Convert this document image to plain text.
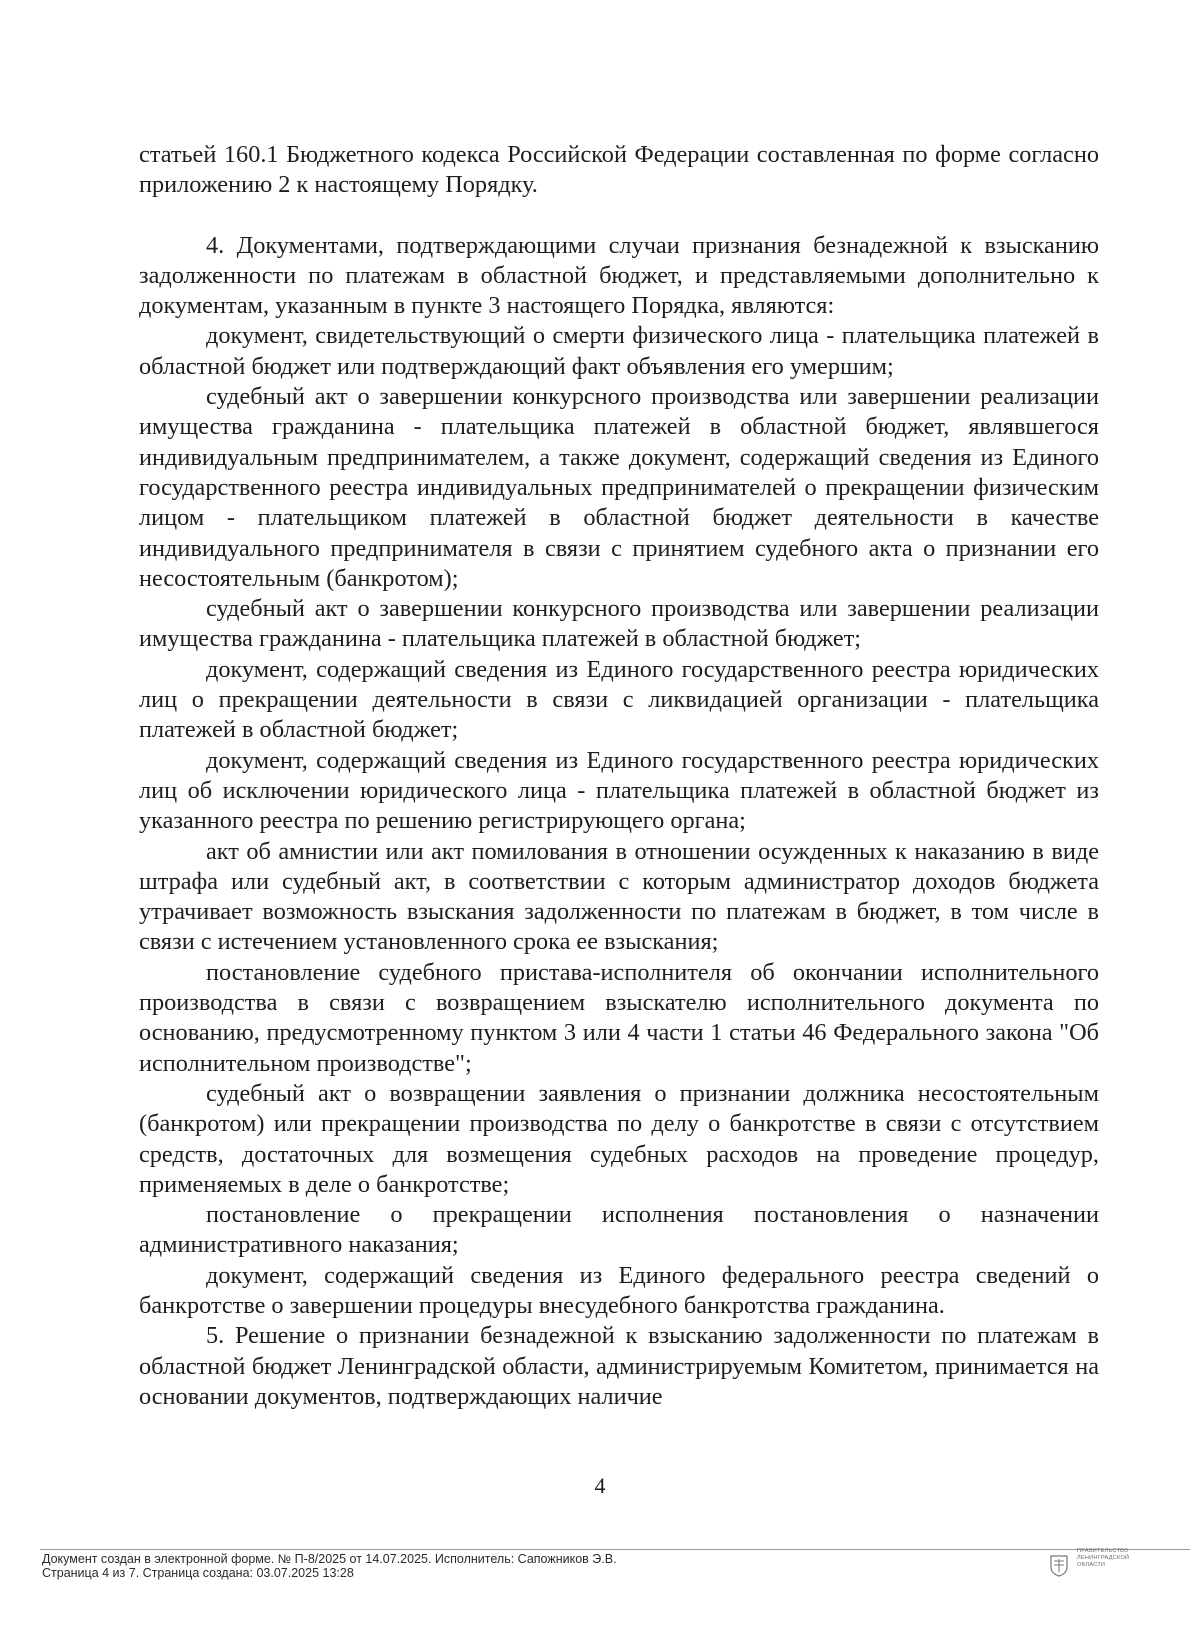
статьей 160.1 Бюджетного кодекса Российской Федерации составленная по форме согласно приложению 2 к настоящему Порядку.

4. Документами, подтверждающими случаи признания безнадежной к взысканию задолженности по платежам в областной бюджет, и представляемыми дополнительно к документам, указанным в пункте 3 настоящего Порядка, являются:

документ, свидетельствующий о смерти физического лица - плательщика платежей в областной бюджет или подтверждающий факт объявления его умершим;

судебный акт о завершении конкурсного производства или завершении реализации имущества гражданина - плательщика платежей в областной бюджет, являвшегося индивидуальным предпринимателем, а также документ, содержащий сведения из Единого государственного реестра индивидуальных предпринимателей о прекращении физическим лицом - плательщиком платежей в областной бюджет деятельности в качестве индивидуального предпринимателя в связи с принятием судебного акта о признании его несостоятельным (банкротом);

судебный акт о завершении конкурсного производства или завершении реализации имущества гражданина - плательщика платежей в областной бюджет;

документ, содержащий сведения из Единого государственного реестра юридических лиц о прекращении деятельности в связи с ликвидацией организации - плательщика платежей в областной бюджет;

документ, содержащий сведения из Единого государственного реестра юридических лиц об исключении юридического лица - плательщика платежей в областной бюджет из указанного реестра по решению регистрирующего органа;

акт об амнистии или акт помилования в отношении осужденных к наказанию в виде штрафа или судебный акт, в соответствии с которым администратор доходов бюджета утрачивает возможность взыскания задолженности по платежам в бюджет, в том числе в связи с истечением установленного срока ее взыскания;

постановление судебного пристава-исполнителя об окончании исполнительного производства в связи с возвращением взыскателю исполнительного документа по основанию, предусмотренному пунктом 3 или 4 части 1 статьи 46 Федерального закона "Об исполнительном производстве";

судебный акт о возвращении заявления о признании должника несостоятельным (банкротом) или прекращении производства по делу о банкротстве в связи с отсутствием средств, достаточных для возмещения судебных расходов на проведение процедур, применяемых в деле о банкротстве;

постановление о прекращении исполнения постановления о назначении административного наказания;

документ, содержащий сведения из Единого федерального реестра сведений о банкротстве о завершении процедуры внесудебного банкротства гражданина.

5. Решение о признании безнадежной к взысканию задолженности по платежам в областной бюджет Ленинградской области, администрируемым Комитетом, принимается на основании документов, подтверждающих наличие

4
Документ создан в электронной форме. № П-8/2025 от 14.07.2025. Исполнитель: Сапожников Э.В.
Страница 4 из 7. Страница создана: 03.07.2025 13:28
ПРАВИТЕЛЬСТВО
ЛЕНИНГРАДСКОЙ
ОБЛАСТИ
